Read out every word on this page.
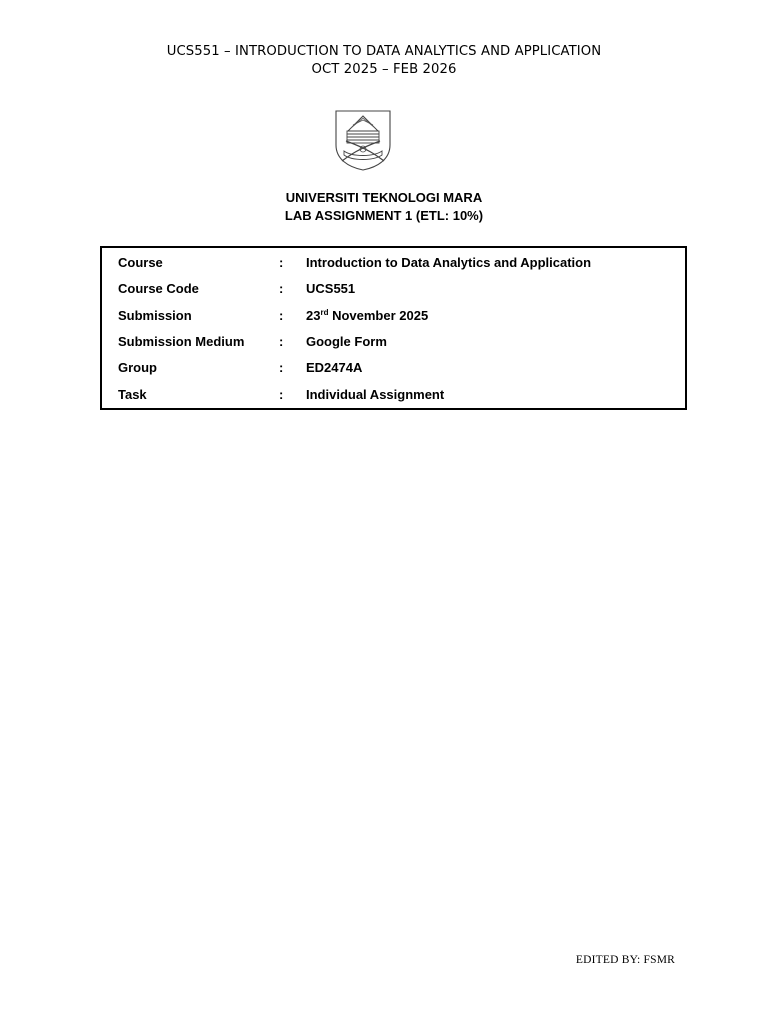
UCS551 – INTRODUCTION TO DATA ANALYTICS AND APPLICATION
OCT 2025 – FEB 2026
UNIVERSITI TEKNOLOGI MARA
LAB ASSIGNMENT 1 (ETL: 10%)
Course	: Introduction to Data Analytics and Application
Course Code	: UCS551
Submission	: 23rd November 2025
Submission Medium	: Google Form
Group	: ED2474A
Task	: Individual Assignment
EDITED BY: FSMR
